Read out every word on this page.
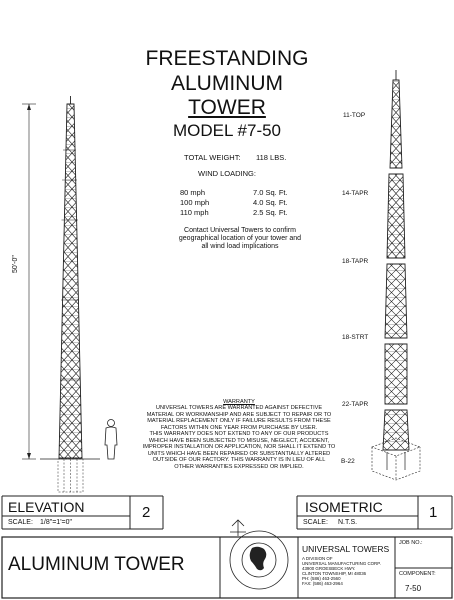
FREESTANDING
ALUMINUM
TOWER
MODEL #7-50
TOTAL WEIGHT: 118 LBS.
WIND LOADING:
80 mph	7.0 Sq. Ft.
100 mph	4.0 Sq. Ft.
110 mph	2.5 Sq. Ft.
Contact Universal Towers to confirm
geographical location of your tower and
all wind load implications
WARRANTY
UNIVERSAL TOWERS ARE WARRANTED AGAINST DEFECTIVE
MATERIAL OR WORKMANSHIP AND ARE SUBJECT TO REPAIR OR TO
MATERIAL REPLACEMENT ONLY IF FAILURE RESULTS FROM THESE
FACTORS WITHIN ONE YEAR FROM PURCHASE BY USER.
THIS WARRANTY DOES NOT EXTEND TO ANY OF OUR PRODUCTS
WHICH HAVE BEEN SUBJECTED TO MISUSE, NEGLECT, ACCIDENT,
IMPROPER INSTALLATION OR APPLICATION, NOR SHALL IT EXTEND TO
UNITS WHICH HAVE BEEN REPAIRED OR SUBSTANTIALLY ALTERED
OUTSIDE OF OUR FACTORY. THIS WARRANTY IS IN LIEU OF ALL
OTHER WARRANTIES EXPRESSED OR IMPLIED.
50'-0"
11-TOP
14-TAPR
18-TAPR
18-STRT
22-TAPR
B-22
ELEVATION
SCALE: 1/8"=1'=0"
2	ISOMETRIC
SCALE: N.T.S.
1
ALUMINUM TOWER
UNIVERSAL TOWERS
A DIVISION OF
UNIVERSAL MANUFACTURING CORP.
43900 GROESBECK HWY.
CLINTON TOWNSHIP, MI 48036
PH: (586) 463-2560
FAX: (586) 463-2964
JOB NO.:
COMPONENT:
7-50
